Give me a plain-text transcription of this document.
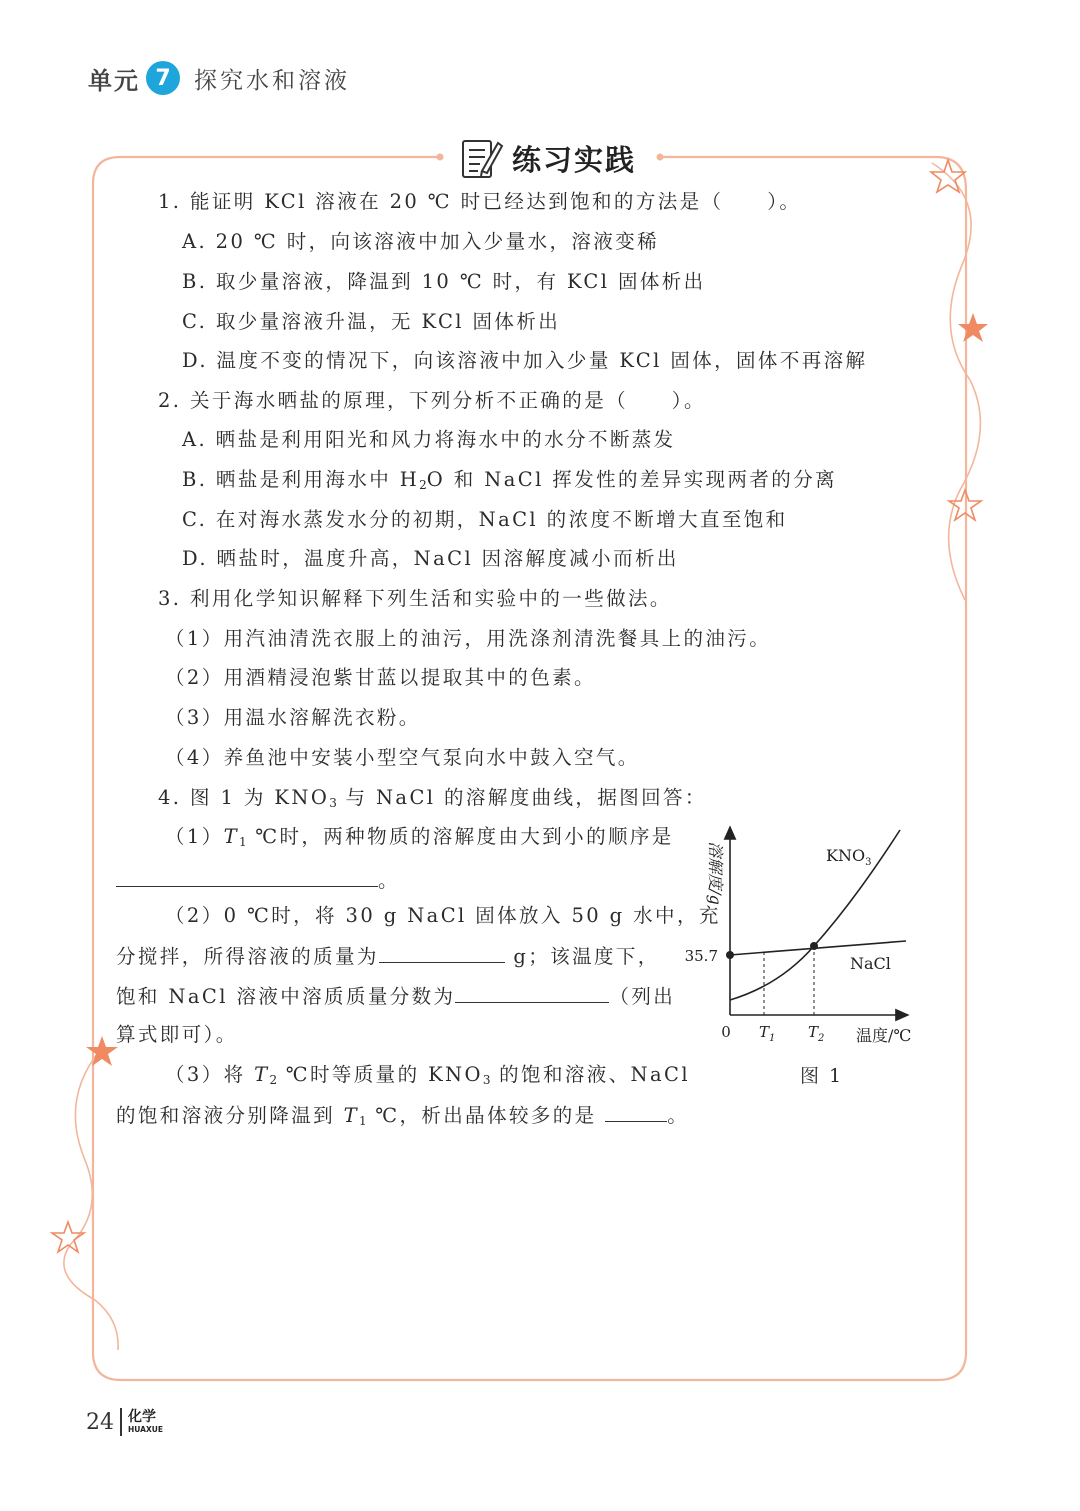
单元 7	探究水和溶液
练习实践
1. 能证明 KCl 溶液在 20 ℃ 时已经达到饱和的方法是（　　）。
A. 20 ℃ 时，向该溶液中加入少量水，溶液变稀
B. 取少量溶液，降温到 10 ℃ 时，有 KCl 固体析出
C. 取少量溶液升温，无 KCl 固体析出
D. 温度不变的情况下，向该溶液中加入少量 KCl 固体，固体不再溶解
2. 关于海水晒盐的原理，下列分析不正确的是（　　）。
A. 晒盐是利用阳光和风力将海水中的水分不断蒸发
B. 晒盐是利用海水中 $H_2O$ 和 NaCl 挥发性的差异实现两者的分离
C. 在对海水蒸发水分的初期，NaCl 的浓度不断增大直至饱和
D. 晒盐时，温度升高，NaCl 因溶解度减小而析出
3. 利用化学知识解释下列生活和实验中的一些做法。
（1）用汽油清洗衣服上的油污，用洗涤剂清洗餐具上的油污。
（2）用酒精浸泡紫甘蓝以提取其中的色素。
（3）用温水溶解洗衣粉。
（4）养鱼池中安装小型空气泵向水中鼓入空气。
4. 图 1 为 $KNO_3$ 与 NaCl 的溶解度曲线，据图回答：
$(1)T_1$ ℃时，两种物质的溶解度由大到小的顺序是
。
（2）0 ℃时，将 30 g NaCl 固体放入 50 g 水中，充
分搅拌，所得溶液的质量为	g；该温度下，
饱和 NaCl 溶液中溶质质量分数为	（列出
算式即可）。
（3）将 $T_2$ ℃时等质量的 $KNO_3$ 的饱和溶液、NaCl
的饱和溶液分别降温到 $T_1$ ℃，析出晶体较多的是	。
溶解度/g
35.7
0 $T_1$ $T_2$ 温度/℃
$KNO_3$
NaCl
图 1
24 化学
HUAXUE
